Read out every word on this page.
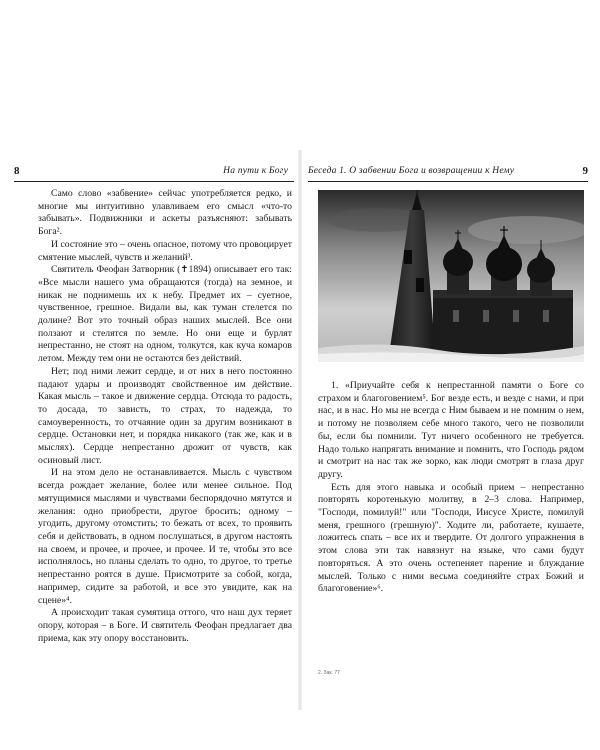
8	На пути к Богу

Само слово «забвение» сейчас употребляется редко, и многие мы интуитивно улавливаем его смысл «что-то забывать». Подвижники и аскеты разъясняют: забывать Бога².

И состояние это – очень опасное, потому что провоцирует смятение мыслей, чувств и желаний³.

Святитель Феофан Затворник (✝1894) описывает его так: «Все мысли нашего ума обращаются (тогда) на земное, и никак не поднимешь их к небу. Предмет их – суетное, чувственное, грешное. Видали вы, как туман стелется по долине? Вот это точный образ наших мыслей. Все они ползают и стелятся по земле. Но они еще и бурлят непрестанно, не стоят на одном, толкутся, как куча комаров летом. Между тем они не остаются без действий.

Нет; под ними лежит сердце, и от них в него постоянно падают удары и производят свойственное им действие. Какая мысль – такое и движение сердца. Отсюда то радость, то досада, то зависть, то страх, то надежда, то самоуверенность, то отчаяние один за другим возникают в сердце. Остановки нет, и порядка никакого (так же, как и в мыслях). Сердце непрестанно дрожит от чувств, как осиновый лист.

И на этом дело не останавливается. Мысль с чувством всегда рождает желание, более или менее сильное. Под мятущимися мыслями и чувствами беспорядочно мятутся и желания: одно приобрести, другое бросить; одному – угодить, другому отомстить; то бежать от всех, то проявить себя и действовать, в одном послушаться, в другом настоять на своем, и прочее, и прочее, и прочее. И те, чтобы это все исполнялось, но планы сделать то одно, то другое, то третье непрестанно роятся в душе. Присмотрите за собой, когда, например, сидите за работой, и все это увидите, как на сцене»⁴.

А происходит такая сумятица оттого, что наш дух теряет опору, которая – в Боге. И святитель Феофан предлагает два приема, как эту опору восстановить.

Беседа 1. О забвении Бога и возвращении к Нему	9

1. «Приучайте себя к непрестанной памяти о Боге со страхом и благоговением⁵. Бог везде есть, и везде с нами, и при нас, и в нас. Но мы не всегда с Ним бываем и не помним о нем, и потому не позволяем себе много такого, чего не позволили бы, если бы помнили. Тут ничего особенного не требуется. Надо только напрягать внимание и помнить, что Господь рядом и смотрит на нас так же зорко, как люди смотрят в глаза друг другу.

Есть для этого навыка и особый прием – непрестанно повторять коротенькую молитву, в 2–3 слова. Например, "Господи, помилуй!" или "Господи, Иисусе Христе, помилуй меня, грешного (грешную)". Ходите ли, работаете, кушаете, ложитесь спать – все их и твердите. От долгого упражнения в этом слова эти так навязнут на языке, что сами будут повторяться. А это очень остепеняет парение и блуждание мыслей. Только с ними весьма соединяйте страх Божий и благоговение»⁶.

2. Зак. 77
